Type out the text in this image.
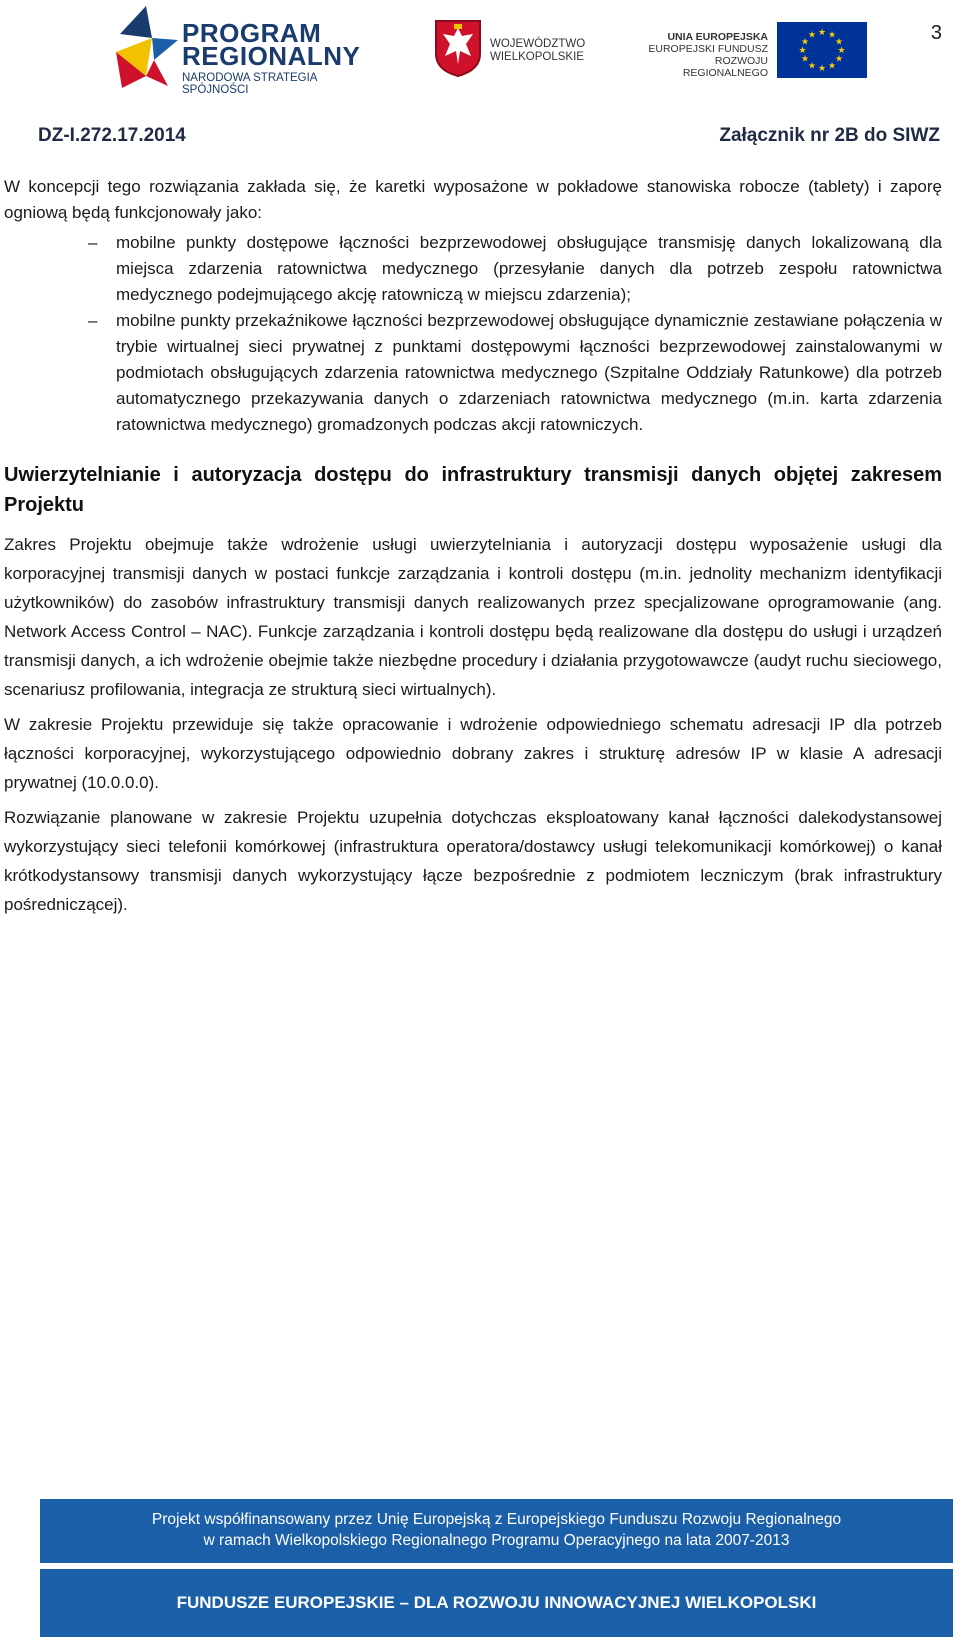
3
PROGRAM
REGIONALNY
NARODOWA STRATEGIA SPÓJNOŚCI
WOJEWÓDZTWO
WIELKOPOLSKIE
UNIA EUROPEJSKA
EUROPEJSKI FUNDUSZ
ROZWOJU REGIONALNEGO
★ ★
★
★
★
★
★
★
★
★
★
★
DZ-I.272.17.2014	Załącznik nr 2B do SIWZ

W koncepcji tego rozwiązania zakłada się, że karetki wyposażone w pokładowe stanowiska robocze (tablety) i zaporę ogniową będą funkcjonowały jako:

– mobilne punkty dostępowe łączności bezprzewodowej obsługujące transmisję danych lokalizowaną dla miejsca zdarzenia ratownictwa medycznego (przesyłanie danych dla potrzeb zespołu ratownictwa medycznego podejmującego akcję ratowniczą w miejscu zdarzenia);
– mobilne punkty przekaźnikowe łączności bezprzewodowej obsługujące dynamicznie zestawiane połączenia w trybie wirtualnej sieci prywatnej z punktami dostępowymi łączności bezprzewodowej zainstalowanymi w podmiotach obsługujących zdarzenia ratownictwa medycznego (Szpitalne Oddziały Ratunkowe) dla potrzeb automatycznego przekazywania danych o zdarzeniach ratownictwa medycznego (m.in. karta zdarzenia ratownictwa medycznego) gromadzonych podczas akcji ratowniczych.
Uwierzytelnianie i autoryzacja dostępu do infrastruktury transmisji danych objętej zakresem Projektu

Zakres Projektu obejmuje także wdrożenie usługi uwierzytelniania i autoryzacji dostępu wyposażenie usługi dla korporacyjnej transmisji danych w postaci funkcje zarządzania i kontroli dostępu (m.in. jednolity mechanizm identyfikacji użytkowników) do zasobów infrastruktury transmisji danych realizowanych przez specjalizowane oprogramowanie (ang. Network Access Control – NAC). Funkcje zarządzania i kontroli dostępu będą realizowane dla dostępu do usługi i urządzeń transmisji danych, a ich wdrożenie obejmie także niezbędne procedury i działania przygotowawcze (audyt ruchu sieciowego, scenariusz profilowania, integracja ze strukturą sieci wirtualnych).

W zakresie Projektu przewiduje się także opracowanie i wdrożenie odpowiedniego schematu adresacji IP dla potrzeb łączności korporacyjnej, wykorzystującego odpowiednio dobrany zakres i strukturę adresów IP w klasie A adresacji prywatnej (10.0.0.0).

Rozwiązanie planowane w zakresie Projektu uzupełnia dotychczas eksploatowany kanał łączności dalekodystansowej wykorzystujący sieci telefonii komórkowej (infrastruktura operatora/dostawcy usługi telekomunikacji komórkowej) o kanał krótkodystansowy transmisji danych wykorzystujący łącze bezpośrednie z podmiotem leczniczym (brak infrastruktury pośredniczącej).

Projekt współfinansowany przez Unię Europejską z Europejskiego Funduszu Rozwoju Regionalnego
w ramach Wielkopolskiego Regionalnego Programu Operacyjnego na lata 2007-2013
FUNDUSZE EUROPEJSKIE – DLA ROZWOJU INNOWACYJNEJ WIELKOPOLSKI
